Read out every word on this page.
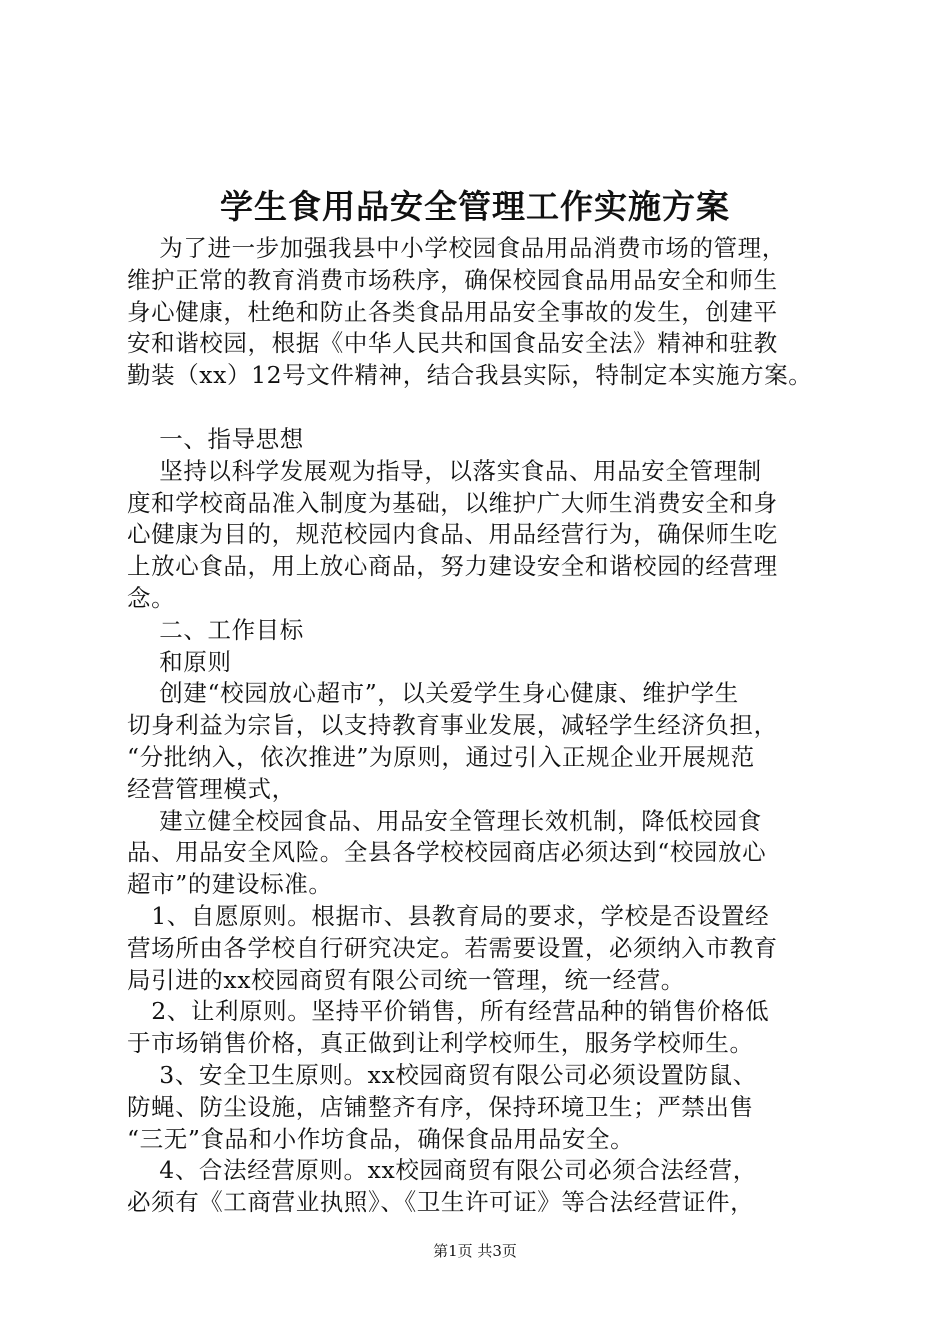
学生食用品安全管理工作实施方案

为了进一步加强我县中小学校园食品用品消费市场的管理，

维护正常的教育消费市场秩序，确保校园食品用品安全和师生

身心健康，杜绝和防止各类食品用品安全事故的发生，创建平

安和谐校园，根据《中华人民共和国食品安全法》精神和驻教

勤装（xx）12号文件精神，结合我县实际，特制定本实施方案。

一、指导思想

坚持以科学发展观为指导，以落实食品、用品安全管理制

度和学校商品准入制度为基础，以维护广大师生消费安全和身

心健康为目的，规范校园内食品、用品经营行为，确保师生吃

上放心食品，用上放心商品，努力建设安全和谐校园的经营理

念。

二、工作目标

和原则

创建“校园放心超市”，以关爱学生身心健康、维护学生

切身利益为宗旨，以支持教育事业发展，减轻学生经济负担，

“分批纳入，依次推进”为原则，通过引入正规企业开展规范

经营管理模式，

建立健全校园食品、用品安全管理长效机制，降低校园食

品、用品安全风险。全县各学校校园商店必须达到“校园放心

超市”的建设标准。

1、自愿原则。根据市、县教育局的要求，学校是否设置经

营场所由各学校自行研究决定。若需要设置，必须纳入市教育

局引进的xx校园商贸有限公司统一管理，统一经营。

2、让利原则。坚持平价销售，所有经营品种的销售价格低

于市场销售价格，真正做到让利学校师生，服务学校师生。

3、安全卫生原则。xx校园商贸有限公司必须设置防鼠、

防蝇、防尘设施，店铺整齐有序，保持环境卫生；严禁出售

“三无”食品和小作坊食品，确保食品用品安全。

4、合法经营原则。xx校园商贸有限公司必须合法经营，

必须有《工商营业执照》、《卫生许可证》等合法经营证件，

第1页 共3页
